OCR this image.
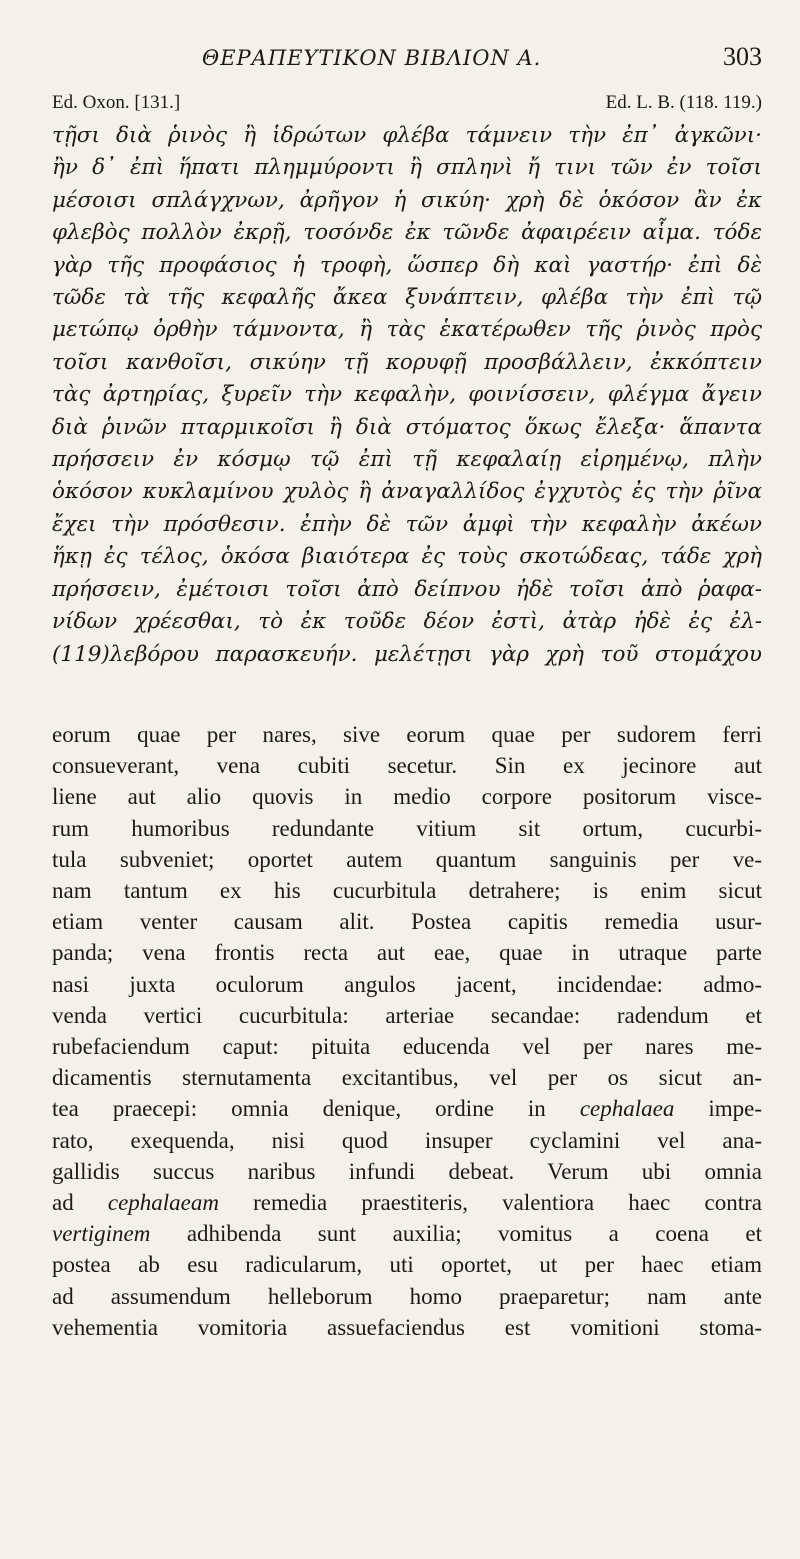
ΘΕΡΑΠΕΥΤΙΚΟΝ ΒΙΒΛΙΟΝ Α.	303
Ed. Oxon. [131.]	Ed. L. B. (118. 119.)
τῇσι διὰ ῥινὸς ἢ ἱδρώτων φλέβα τάμνειν τὴν ἐπ᾽ ἀγκῶνι·
ἢν δ᾽ ἐπὶ ἥπατι πλημμύροντι ἢ σπληνὶ ἤ τινι τῶν ἐν τοῖσι
μέσοισι σπλάγχνων, ἀρῆγον ἡ σικύη· χρὴ δὲ ὁκόσον ἂν ἐκ
φλεβὸς πολλὸν ἐκρῇ, τοσόνδε ἐκ τῶνδε ἀφαιρέειν αἷμα. τόδε
γὰρ τῆς προφάσιος ἡ τροφὴ, ὥσπερ δὴ καὶ γαστήρ· ἐπὶ δὲ
τῶδε τὰ τῆς κεφαλῆς ἄκεα ξυνάπτειν, φλέβα τὴν ἐπὶ τῷ
μετώπῳ ὀρθὴν τάμνοντα, ἢ τὰς ἑκατέρωθεν τῆς ῥινὸς πρὸς
τοῖσι κανθοῖσι, σικύην τῇ κορυφῇ προσβάλλειν, ἐκκόπτειν
τὰς ἀρτηρίας, ξυρεῖν τὴν κεφαλὴν, φοινίσσειν, φλέγμα ἄγειν
διὰ ῥινῶν πταρμικοῖσι ἢ διὰ στόματος ὅκως ἔλεξα· ἅπαντα
πρήσσειν ἐν κόσμῳ τῷ ἐπὶ τῇ κεφαλαίῃ εἰρημένῳ, πλὴν
ὁκόσον κυκλαμίνου χυλὸς ἢ ἀναγαλλίδος ἐγχυτὸς ἐς τὴν ῥῖνα
ἔχει τὴν πρόσθεσιν. ἐπὴν δὲ τῶν ἀμφὶ τὴν κεφαλὴν ἀκέων
ἥκῃ ἐς τέλος, ὁκόσα βιαιότερα ἐς τοὺς σκοτώδεας, τάδε χρὴ
πρήσσειν, ἐμέτοισι τοῖσι ἀπὸ δείπνου ἠδὲ τοῖσι ἀπὸ ῥαφα-
νίδων χρέεσθαι, τὸ ἐκ τοῦδε δέον ἐστὶ, ἀτὰρ ἠδὲ ἐς ἐλ-
(119)λεβόρου παρασκευήν. μελέτῃσι γὰρ χρὴ τοῦ στομάχου
eorum quae per nares, sive eorum quae per sudorem ferri
consueverant, vena cubiti secetur. Sin ex jecinore aut
liene aut alio quovis in medio corpore positorum visce-
rum humoribus redundante vitium sit ortum, cucurbi-
tula subveniet; oportet autem quantum sanguinis per ve-
nam tantum ex his cucurbitula detrahere; is enim sicut
etiam venter causam alit. Postea capitis remedia usur-
panda; vena frontis recta aut eae, quae in utraque parte
nasi juxta oculorum angulos jacent, incidendae: admo-
venda vertici cucurbitula: arteriae secandae: radendum et
rubefaciendum caput: pituita educenda vel per nares me-
dicamentis sternutamenta excitantibus, vel per os sicut an-
tea praecepi: omnia denique, ordine in cephalaea impe-
rato, exequenda, nisi quod insuper cyclamini vel ana-
gallidis succus naribus infundi debeat. Verum ubi omnia
ad cephalaeam remedia praestiteris, valentiora haec contra
vertiginem adhibenda sunt auxilia; vomitus a coena et
postea ab esu radicularum, uti oportet, ut per haec etiam
ad assumendum helleborum homo praeparetur; nam ante
vehementia vomitoria assuefaciendus est vomitioni stoma-
